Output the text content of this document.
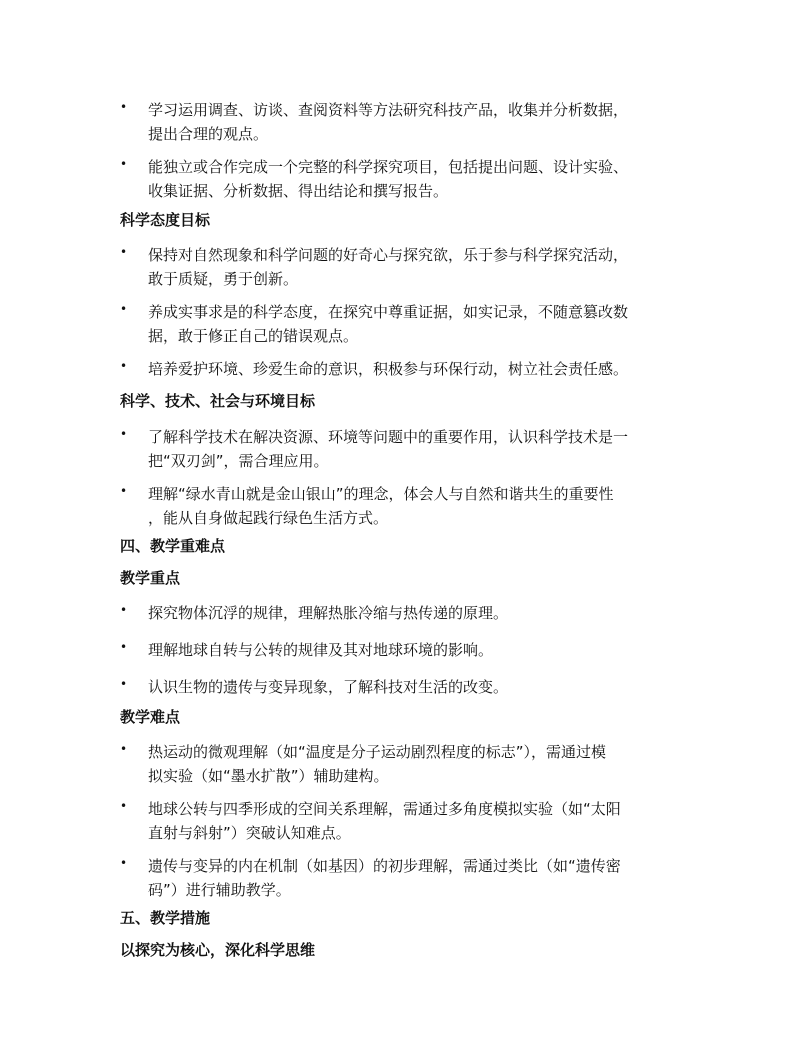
•	学习运用调查、访谈、查阅资料等方法研究科技产品，收集并分析数据，
提出合理的观点。
•	能独立或合作完成一个完整的科学探究项目，包括提出问题、设计实验、
收集证据、分析数据、得出结论和撰写报告。
科学态度目标
•	保持对自然现象和科学问题的好奇心与探究欲，乐于参与科学探究活动，
敢于质疑，勇于创新。
•	养成实事求是的科学态度，在探究中尊重证据，如实记录，不随意篡改数
据，敢于修正自己的错误观点。
•	培养爱护环境、珍爱生命的意识，积极参与环保行动，树立社会责任感。
科学、技术、社会与环境目标
•	了解科学技术在解决资源、环境等问题中的重要作用，认识科学技术是一
把“双刃剑”，需合理应用。
•	理解“绿水青山就是金山银山”的理念，体会人与自然和谐共生的重要性
，能从自身做起践行绿色生活方式。
四、教学重难点
教学重点
•	探究物体沉浮的规律，理解热胀冷缩与热传递的原理。
•	理解地球自转与公转的规律及其对地球环境的影响。
•	认识生物的遗传与变异现象，了解科技对生活的改变。
教学难点
•	热运动的微观理解（如“温度是分子运动剧烈程度的标志”），需通过模
拟实验（如“墨水扩散”）辅助建构。
•	地球公转与四季形成的空间关系理解，需通过多角度模拟实验（如“太阳
直射与斜射”）突破认知难点。
•	遗传与变异的内在机制（如基因）的初步理解，需通过类比（如“遗传密
码”）进行辅助教学。
五、教学措施
以探究为核心，深化科学思维
